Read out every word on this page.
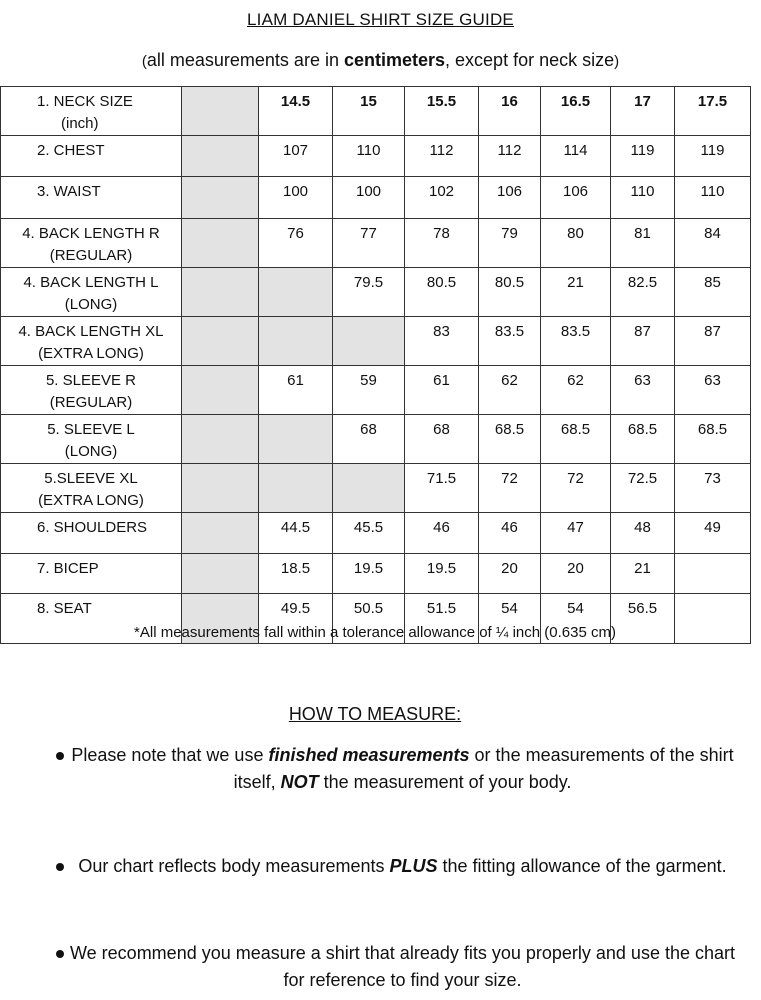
LIAM DANIEL SHIRT SIZE GUIDE
(all measurements are in centimeters, except for neck size)
1. NECK SIZE
(inch)		14.5	15	15.5	16	16.5	17	17.5

2. CHEST		107	110	112	112	114	119	119

3. WAIST		100	100	102	106	106	110	110

4. BACK LENGTH R
(REGULAR)		76	77	78	79	80	81	84

4. BACK LENGTH L
(LONG)			79.5	80.5	80.5	21	82.5	85

4. BACK LENGTH XL
(EXTRA LONG)				83	83.5	83.5	87	87

5. SLEEVE R
(REGULAR)		61	59	61	62	62	63	63

5. SLEEVE L
(LONG)			68	68	68.5	68.5	68.5	68.5

5.SLEEVE XL
(EXTRA LONG)				71.5	72	72	72.5	73

6. SHOULDERS		44.5	45.5	46	46	47	48	49

7. BICEP		18.5	19.5	19.5	20	20	21	

8. SEAT		49.5	50.5	51.5	54	54	56.5	
*All measurements fall within a tolerance allowance of ¼ inch (0.635 cm)
HOW TO MEASURE:
Please note that we use finished measurements or the measurements of the shirt itself, NOT the measurement of your body.
Our chart reflects body measurements PLUS the fitting allowance of the garment.
We recommend you measure a shirt that already fits you properly and use the chart for reference to find your size.
